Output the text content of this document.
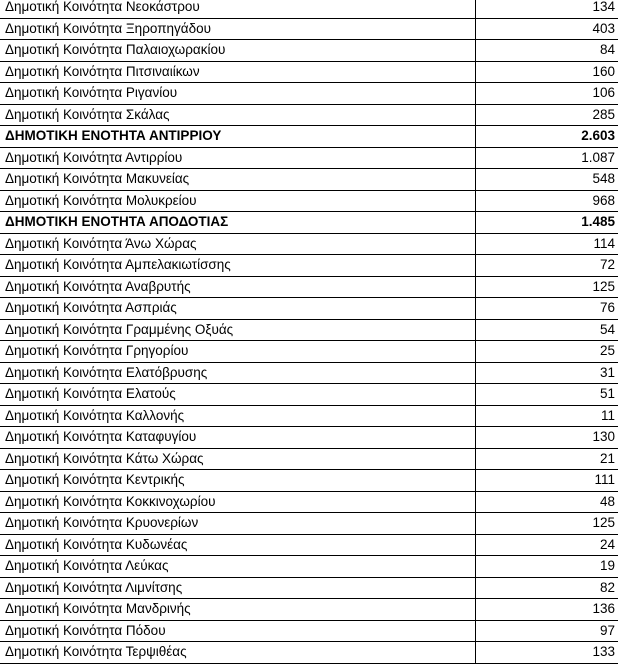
Δημοτική Κοινότητα Νεοκάστρου	134
Δημοτική Κοινότητα Ξηροπηγάδου	403
Δημοτική Κοινότητα Παλαιοχωρακίου	84
Δημοτική Κοινότητα Πιτσιναιίκων	160
Δημοτική Κοινότητα Ριγανίου	106
Δημοτική Κοινότητα Σκάλας	285
ΔΗΜΟΤΙΚΗ ΕΝΟΤΗΤΑ ΑΝΤΙΡΡΙΟΥ	2.603
Δημοτική Κοινότητα Αντιρρίου	1.087
Δημοτική Κοινότητα Μακυνείας	548
Δημοτική Κοινότητα Μολυκρείου	968
ΔΗΜΟΤΙΚΗ ΕΝΟΤΗΤΑ ΑΠΟΔΟΤΙΑΣ	1.485
Δημοτική Κοινότητα Άνω Χώρας	114
Δημοτική Κοινότητα Αμπελακιωτίσσης	72
Δημοτική Κοινότητα Αναβρυτής	125
Δημοτική Κοινότητα Ασπριάς	76
Δημοτική Κοινότητα Γραμμένης Οξυάς	54
Δημοτική Κοινότητα Γρηγορίου	25
Δημοτική Κοινότητα Ελατόβρυσης	31
Δημοτική Κοινότητα Ελατούς	51
Δημοτική Κοινότητα Καλλονής	11
Δημοτική Κοινότητα Καταφυγίου	130
Δημοτική Κοινότητα Κάτω Χώρας	21
Δημοτική Κοινότητα Κεντρικής	111
Δημοτική Κοινότητα Κοκκινοχωρίου	48
Δημοτική Κοινότητα Κρυονερίων	125
Δημοτική Κοινότητα Κυδωνέας	24
Δημοτική Κοινότητα Λεύκας	19
Δημοτική Κοινότητα Λιμνίτσης	82
Δημοτική Κοινότητα Μανδρινής	136
Δημοτική Κοινότητα Πόδου	97
Δημοτική Κοινότητα Τερψιθέας	133
